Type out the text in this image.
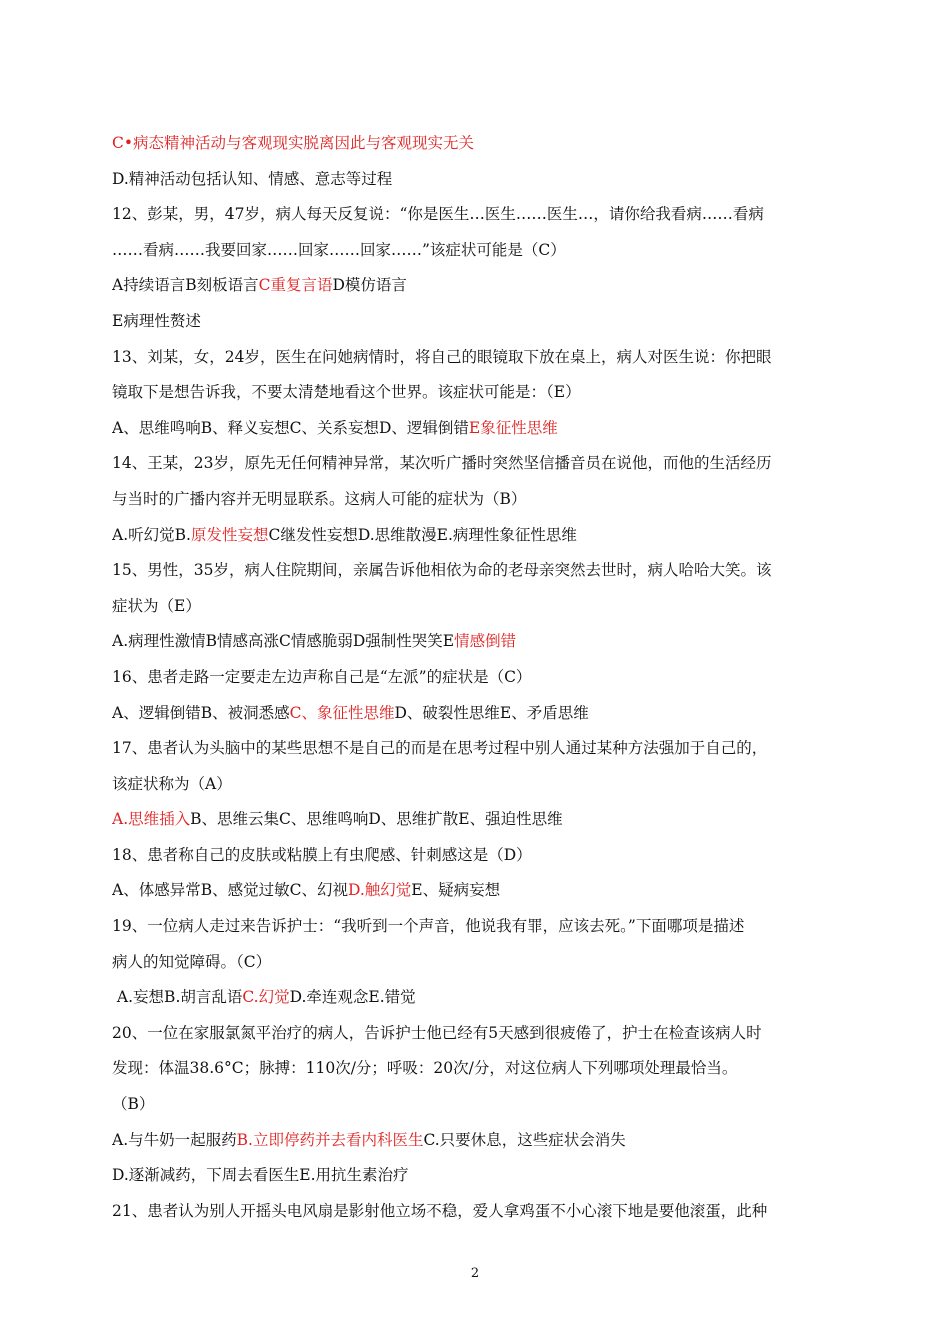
C•病态精神活动与客观现实脱离因此与客观现实无关
D.精神活动包括认知、情感、意志等过程
12、彭某，男，47岁，病人每天反复说：“你是医生…医生……医生…，请你给我看病……看病
……看病……我要回家……回家……回家……”该症状可能是（C）
A持续语言B刻板语言C重复言语D模仿语言
E病理性赘述
13、刘某，女，24岁，医生在问她病情时，将自己的眼镜取下放在桌上，病人对医生说：你把眼
镜取下是想告诉我，不要太清楚地看这个世界。该症状可能是：（E）
A、思维鸣响B、释义妄想C、关系妄想D、逻辑倒错E象征性思维
14、王某，23岁，原先无任何精神异常，某次听广播时突然坚信播音员在说他，而他的生活经历
与当时的广播内容并无明显联系。这病人可能的症状为（B）
A.听幻觉B.原发性妄想C继发性妄想D.思维散漫E.病理性象征性思维
15、男性，35岁，病人住院期间，亲属告诉他相依为命的老母亲突然去世时，病人哈哈大笑。该
症状为（E）
A.病理性激情B情感高涨C情感脆弱D强制性哭笑E情感倒错
16、患者走路一定要走左边声称自己是“左派”的症状是（C）
A、逻辑倒错B、被洞悉感C、象征性思维D、破裂性思维E、矛盾思维
17、患者认为头脑中的某些思想不是自己的而是在思考过程中别人通过某种方法强加于自己的，
该症状称为（A）
A.思维插入B、思维云集C、思维鸣响D、思维扩散E、强迫性思维
18、患者称自己的皮肤或粘膜上有虫爬感、针刺感这是（D）
A、体感异常B、感觉过敏C、幻视D.触幻觉E、疑病妄想
19、一位病人走过来告诉护士：“我听到一个声音，他说我有罪，应该去死。”下面哪项是描述
病人的知觉障碍。（C）
A.妄想B.胡言乱语C.幻觉D.牵连观念E.错觉
20、一位在家服氯氮平治疗的病人，告诉护士他已经有5天感到很疲倦了，护士在检查该病人时
发现：体温38.6°C；脉搏：110次/分；呼吸：20次/分，对这位病人下列哪项处理最恰当。
（B）
A.与牛奶一起服药B.立即停药并去看内科医生C.只要休息，这些症状会消失
D.逐渐减药，下周去看医生E.用抗生素治疗
21、患者认为别人开摇头电风扇是影射他立场不稳，爱人拿鸡蛋不小心滚下地是要他滚蛋，此种
2
